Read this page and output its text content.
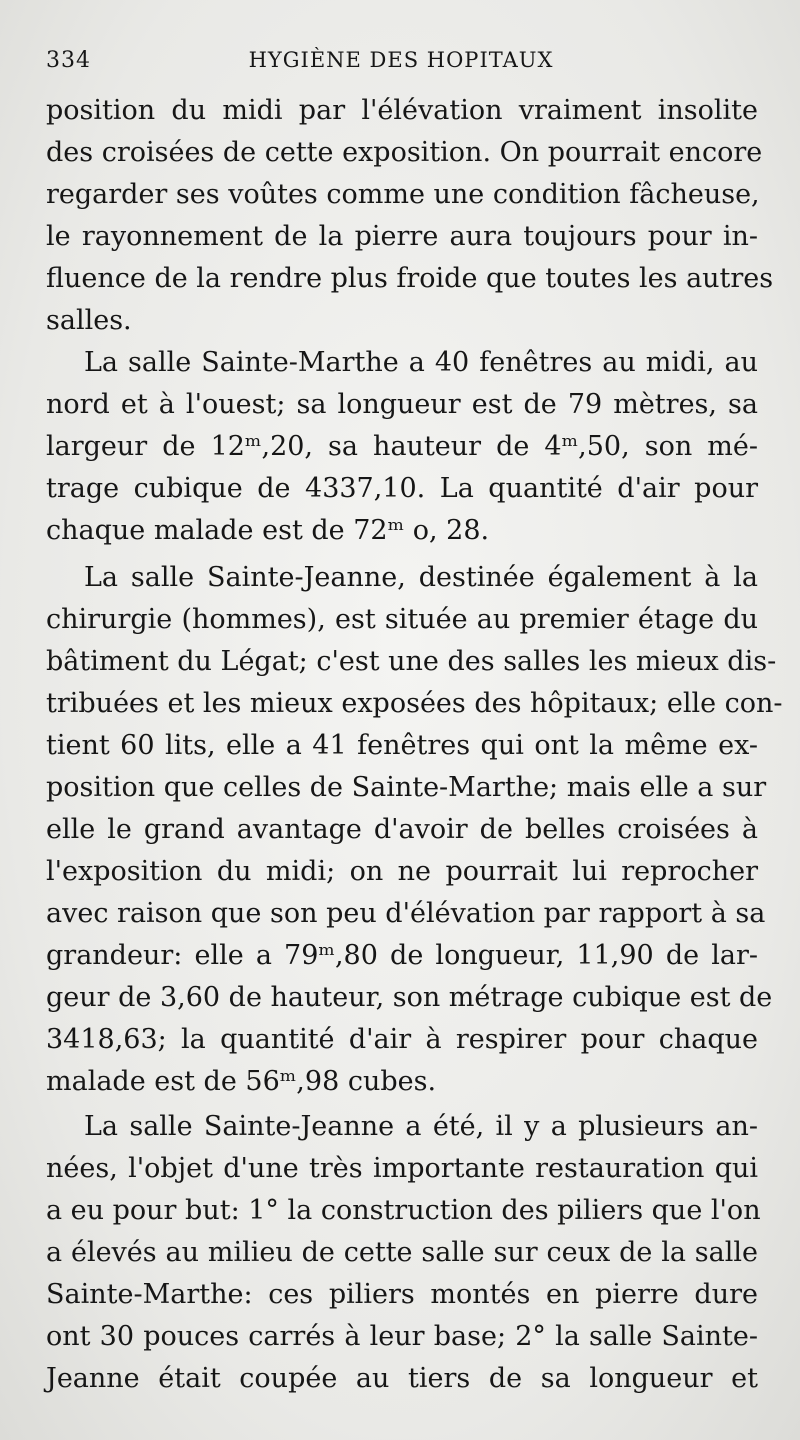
334	HYGIÈNE DES HOPITAUX
position du midi par l'élévation vraiment insolite
des croisées de cette exposition. On pourrait encore
regarder ses voûtes comme une condition fâcheuse,
le rayonnement de la pierre aura toujours pour in-
fluence de la rendre plus froide que toutes les autres
salles.
La salle Sainte-Marthe a 40 fenêtres au midi, au
nord et à l'ouest; sa longueur est de 79 mètres, sa
largeur de 12ᵐ,20, sa hauteur de 4ᵐ,50, son mé-
trage cubique de 4337,10. La quantité d'air pour
chaque malade est de 72ᵐ o, 28.
La salle Sainte-Jeanne, destinée également à la
chirurgie (hommes), est située au premier étage du
bâtiment du Légat; c'est une des salles les mieux dis-
tribuées et les mieux exposées des hôpitaux; elle con-
tient 60 lits, elle a 41 fenêtres qui ont la même ex-
position que celles de Sainte-Marthe; mais elle a sur
elle le grand avantage d'avoir de belles croisées à
l'exposition du midi; on ne pourrait lui reprocher
avec raison que son peu d'élévation par rapport à sa
grandeur: elle a 79ᵐ,80 de longueur, 11,90 de lar-
geur de 3,60 de hauteur, son métrage cubique est de
3418,63; la quantité d'air à respirer pour chaque
malade est de 56ᵐ,98 cubes.
La salle Sainte-Jeanne a été, il y a plusieurs an-
nées, l'objet d'une très importante restauration qui
a eu pour but: 1° la construction des piliers que l'on
a élevés au milieu de cette salle sur ceux de la salle
Sainte-Marthe: ces piliers montés en pierre dure
ont 30 pouces carrés à leur base; 2° la salle Sainte-
Jeanne était coupée au tiers de sa longueur et
